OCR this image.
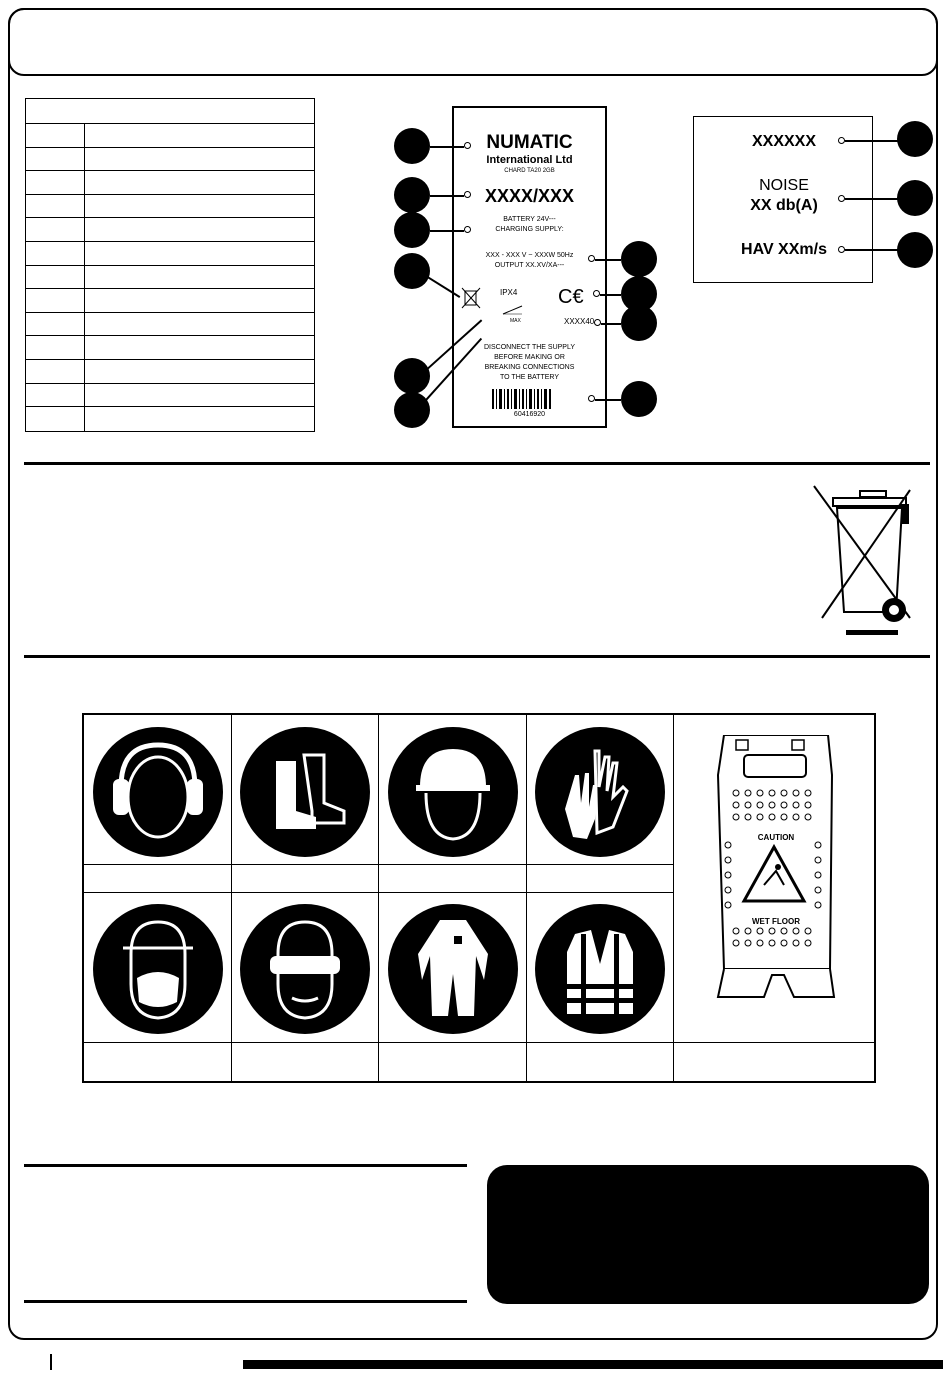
NUMATIC
International Ltd
CHARD TA20 2GB
XXXX/XXX
BATTERY 24V---
CHARGING SUPPLY:
XXX - XXX V ~ XXXW 50Hz
OUTPUT XX.XV/XA---
IPX4
MAX
C€
XXXX40
DISCONNECT THE SUPPLY
BEFORE MAKING OR
BREAKING CONNECTIONS
TO THE BATTERY
60416920
XXXXXX
NOISE
XX db(A)
HAV XXm/s
CAUTION
WET FLOOR
